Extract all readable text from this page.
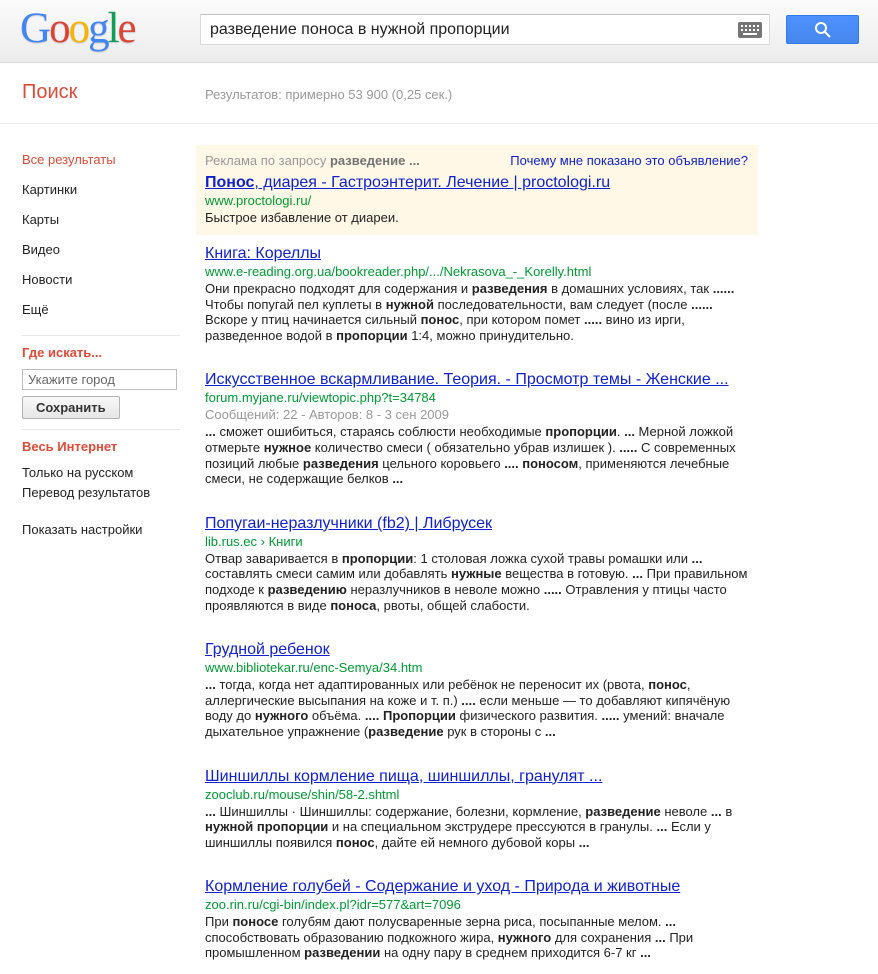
Google
разведение поноса в нужной пропорции
Поиск	Результатов: примерно 53 900 (0,25 сек.)
Все результаты
Картинки
Карты
Видео
Новости
Ещё
Где искать...
Укажите город
Сохранить
Весь Интернет
Только на русском
Перевод результатов
Показать настройки
Реклама по запросу разведение ...	Почему мне показано это объявление?
Понос, диарея - Гастроэнтерит. Лечение | proctologi.ru
www.proctologi.ru/
Быстрое избавление от диареи.
Книга: Кореллы
www.e-reading.org.ua/bookreader.php/.../Nekrasova_-_Korelly.html
Они прекрасно подходят для содержания и разведения в домашних условиях, так ...... Чтобы попугай пел куплеты в нужной последовательности, вам следует (после ...... Вскоре у птиц начинается сильный понос, при котором помет ..... вино из ирги, разведенное водой в пропорции 1:4, можно принудительно.
Искусственное вскармливание. Теория. - Просмотр темы - Женские ...
forum.myjane.ru/viewtopic.php?t=34784
Сообщений: 22 - Авторов: 8 - 3 сен 2009
... сможет ошибиться, стараясь соблюсти необходимые пропорции. ... Мерной ложкой отмерьте нужное количество смеси ( обязательно убрав излишек ). ..... С современных позиций любые разведения цельного коровьего .... поносом, применяются лечебные смеси, не содержащие белков ...
Попугаи-неразлучники (fb2) | Либрусек
lib.rus.ec › Книги
Отвар заваривается в пропорции: 1 столовая ложка сухой травы ромашки или ... составлять смеси самим или добавлять нужные вещества в готовую. ... При правильном подходе к разведению неразлучников в неволе можно ..... Отравления у птицы часто проявляются в виде поноса, рвоты, общей слабости.
Грудной ребенок
www.bibliotekar.ru/enc-Semya/34.htm
... тогда, когда нет адаптированных или ребёнок не переносит их (рвота, понос, аллергические высыпания на коже и т. п.) .... если меньше — то добавляют кипячёную воду до нужного объёма. .... Пропорции физического развития. ..... умений: вначале дыхательное упражнение (разведение рук в стороны с ...
Шиншиллы кормление пища, шиншиллы, гранулят ...
zooclub.ru/mouse/shin/58-2.shtml
... Шиншиллы · Шиншиллы: содержание, болезни, кормление, разведение неволе ... в нужной пропорции и на специальном экструдере прессуются в гранулы. ... Если у шиншиллы появился понос, дайте ей немного дубовой коры ...
Кормление голубей - Содержание и уход - Природа и животные
zoo.rin.ru/cgi-bin/index.pl?idr=577&art=7096
При поносе голубям дают полусваренные зерна риса, посыпанные мелом. ... способствовать образованию подкожного жира, нужного для сохранения ... При промышленном разведении на одну пару в среднем приходится 6-7 кг ...
